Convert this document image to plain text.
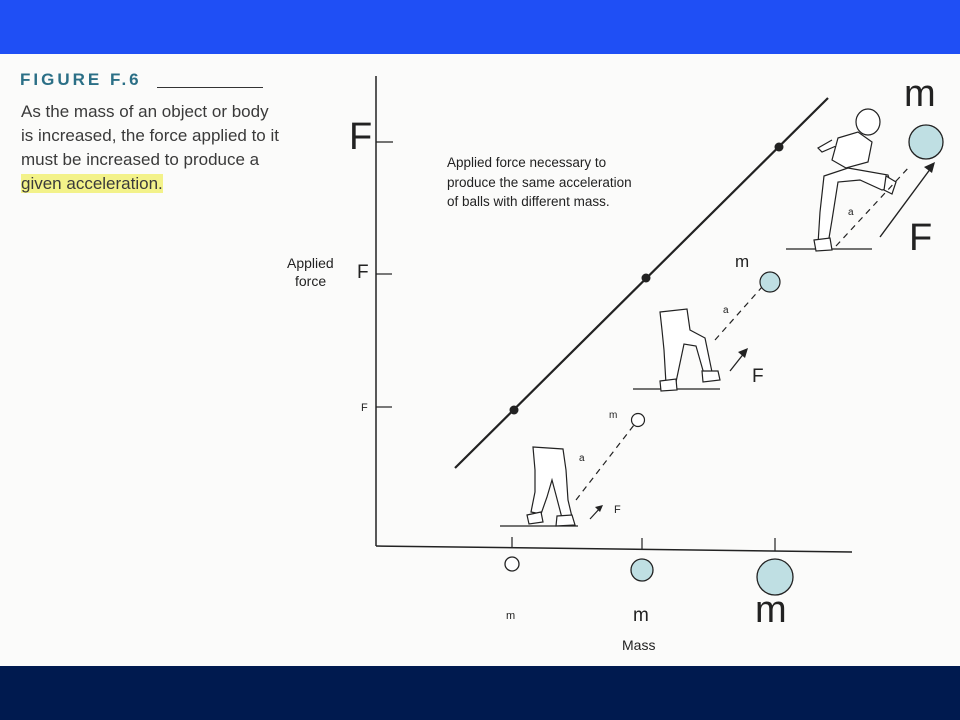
FIGURE F.6
As the mass of an object or body
is increased, the force applied to it
must be increased to produce a
given acceleration.
F
F
F
Applied
force
m	m	m
Mass
Applied force necessary to
produce the same acceleration
of balls with different mass.
m
a
F
m
a
F
m
a
F
